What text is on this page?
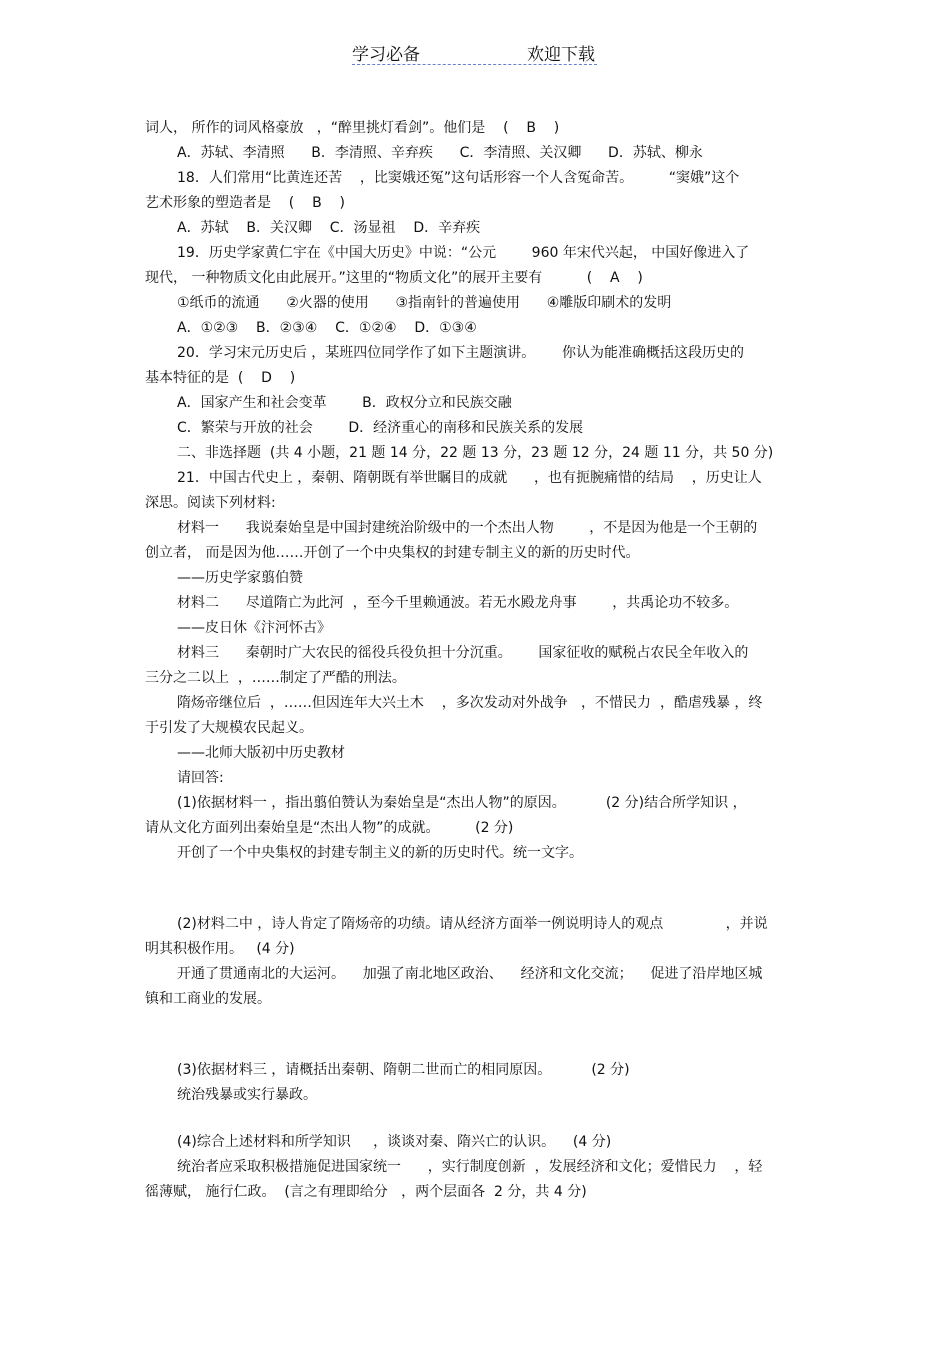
学习必备	欢迎下载
词人， 所作的词风格豪放   ，“醉里挑灯看剑”。他们是    (    B    )
A．苏轼、李清照      B．李清照、辛弃疾      C．李清照、关汉卿      D．苏轼、柳永
18．人们常用“比黄连还苦    ，比窦娥还冤”这句话形容一个人含冤命苦。        “窦娥”这个
艺术形象的塑造者是    (    B    )
A．苏轼    B．关汉卿    C．汤显祖    D．辛弃疾
19．历史学家黄仁宇在《中国大历史》中说：“公元        960 年宋代兴起， 中国好像进入了
现代， 一种物质文化由此展开。”这里的“物质文化”的展开主要有          (    A    )
①纸币的流通      ②火器的使用      ③指南针的普遍使用      ④雕版印刷术的发明
A．①②③    B．②③④    C．①②④    D．①③④
20．学习宋元历史后 ，某班四位同学作了如下主题演讲。      你认为能准确概括这段历史的
基本特征的是  (    D    )
A．国家产生和社会变革        B．政权分立和民族交融
C．繁荣与开放的社会        D．经济重心的南移和民族关系的发展
二、非选择题  (共 4 小题，21 题 14 分，22 题 13 分，23 题 12 分，24 题 11 分，共 50 分)
21．中国古代史上 ，秦朝、隋朝既有举世瞩目的成就      ，也有扼腕痛惜的结局    ，历史让人
深思。阅读下列材料:
材料一      我说秦始皇是中国封建统治阶级中的一个杰出人物        ，不是因为他是一个王朝的
创立者， 而是因为他……开创了一个中央集权的封建专制主义的新的历史时代。
——历史学家翦伯赞
材料二      尽道隋亡为此河  ，至今千里赖通波。若无水殿龙舟事        ，共禹论功不较多。
——皮日休《汴河怀古》
材料三      秦朝时广大农民的徭役兵役负担十分沉重。      国家征收的赋税占农民全年收入的
三分之二以上  ，……制定了严酷的刑法。
隋炀帝继位后  ，……但因连年大兴土木    ，多次发动对外战争   ，不惜民力  ，酷虐残暴 ，终
于引发了大规模农民起义。
——北师大版初中历史教材
请回答:
(1)依据材料一 ，指出翦伯赞认为秦始皇是“杰出人物”的原因。         (2 分)结合所学知识 ，
请从文化方面列出秦始皇是“杰出人物”的成就。        (2 分)
开创了一个中央集权的封建专制主义的新的历史时代。统一文字。
(2)材料二中 ，诗人肯定了隋炀帝的功绩。请从经济方面举一例说明诗人的观点              ，并说
明其积极作用。   (4 分)
开通了贯通南北的大运河。    加强了南北地区政治、    经济和文化交流；    促进了沿岸地区城
镇和工商业的发展。
(3)依据材料三 ，请概括出秦朝、隋朝二世而亡的相同原因。         (2 分)
统治残暴或实行暴政。
(4)综合上述材料和所学知识     ，谈谈对秦、隋兴亡的认识。    (4 分)
统治者应采取积极措施促进国家统一      ，实行制度创新  ，发展经济和文化；爱惜民力    ，轻
徭薄赋， 施行仁政。  (言之有理即给分   ，两个层面各  2 分，共 4 分)
